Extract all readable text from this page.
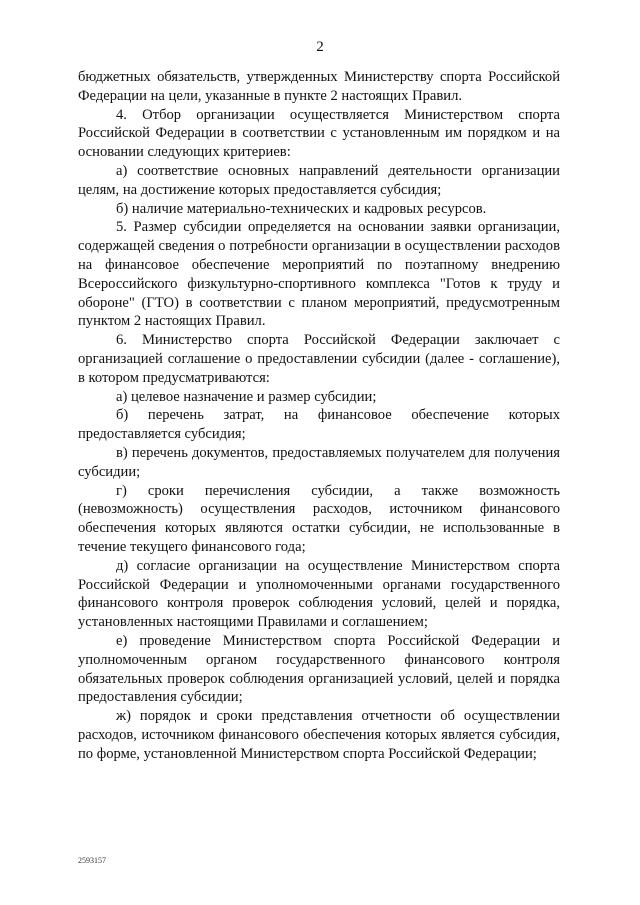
2

бюджетных обязательств, утвержденных Министерству спорта Российской Федерации на цели, указанные в пункте 2 настоящих Правил.

4. Отбор организации осуществляется Министерством спорта Российской Федерации в соответствии с установленным им порядком и на основании следующих критериев:

а) соответствие основных направлений деятельности организации целям, на достижение которых предоставляется субсидия;

б) наличие материально-технических и кадровых ресурсов.

5. Размер субсидии определяется на основании заявки организации, содержащей сведения о потребности организации в осуществлении расходов на финансовое обеспечение мероприятий по поэтапному внедрению Всероссийского физкультурно-спортивного комплекса "Готов к труду и обороне" (ГТО) в соответствии с планом мероприятий, предусмотренным пунктом 2 настоящих Правил.

6. Министерство спорта Российской Федерации заключает с организацией соглашение о предоставлении субсидии (далее - соглашение), в котором предусматриваются:

а) целевое назначение и размер субсидии;

б) перечень затрат, на финансовое обеспечение которых предоставляется субсидия;

в) перечень документов, предоставляемых получателем для получения субсидии;

г) сроки перечисления субсидии, а также возможность (невозможность) осуществления расходов, источником финансового обеспечения которых являются остатки субсидии, не использованные в течение текущего финансового года;

д) согласие организации на осуществление Министерством спорта Российской Федерации и уполномоченными органами государственного финансового контроля проверок соблюдения условий, целей и порядка, установленных настоящими Правилами и соглашением;

е) проведение Министерством спорта Российской Федерации и уполномоченным органом государственного финансового контроля обязательных проверок соблюдения организацией условий, целей и порядка предоставления субсидии;

ж) порядок и сроки представления отчетности об осуществлении расходов, источником финансового обеспечения которых является субсидия, по форме, установленной Министерством спорта Российской Федерации;

2593157
